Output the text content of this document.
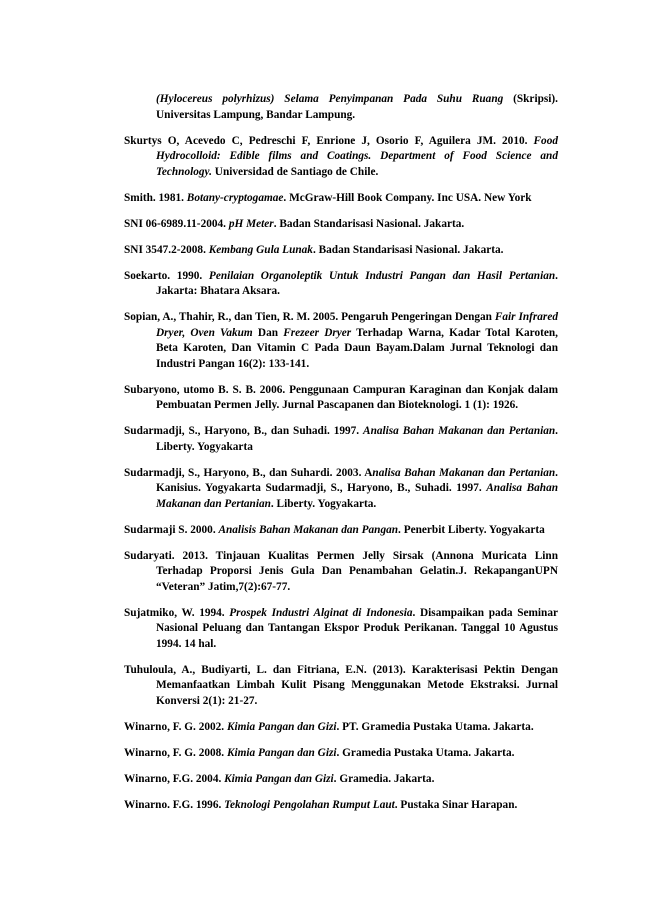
(Hylocereus polyrhizus) Selama Penyimpanan Pada Suhu Ruang (Skripsi). Universitas Lampung, Bandar Lampung.

Skurtys O, Acevedo C, Pedreschi F, Enrione J, Osorio F, Aguilera JM. 2010. Food Hydrocolloid: Edible films and Coatings. Department of Food Science and Technology. Universidad de Santiago de Chile.

Smith. 1981. Botany-cryptogamae. McGraw-Hill Book Company. Inc USA. New York

SNI 06-6989.11-2004. pH Meter. Badan Standarisasi Nasional. Jakarta.

SNI 3547.2-2008. Kembang Gula Lunak. Badan Standarisasi Nasional. Jakarta.

Soekarto. 1990. Penilaian Organoleptik Untuk Industri Pangan dan Hasil Pertanian. Jakarta: Bhatara Aksara.

Sopian, A., Thahir, R., dan Tien, R. M. 2005. Pengaruh Pengeringan Dengan Fair Infrared Dryer, Oven Vakum Dan Frezeer Dryer Terhadap Warna, Kadar Total Karoten, Beta Karoten, Dan Vitamin C Pada Daun Bayam.Dalam Jurnal Teknologi dan Industri Pangan 16(2): 133-141.

Subaryono, utomo B. S. B. 2006. Penggunaan Campuran Karaginan dan Konjak dalam Pembuatan Permen Jelly. Jurnal Pascapanen dan Bioteknologi. 1 (1): 1926.

Sudarmadji, S., Haryono, B., dan Suhadi. 1997. Analisa Bahan Makanan dan Pertanian. Liberty. Yogyakarta

Sudarmadji, S., Haryono, B., dan Suhardi. 2003. Analisa Bahan Makanan dan Pertanian. Kanisius. Yogyakarta Sudarmadji, S., Haryono, B., Suhadi. 1997. Analisa Bahan Makanan dan Pertanian. Liberty. Yogyakarta.

Sudarmaji S. 2000. Analisis Bahan Makanan dan Pangan. Penerbit Liberty. Yogyakarta

Sudaryati. 2013. Tinjauan Kualitas Permen Jelly Sirsak (Annona Muricata Linn Terhadap Proporsi Jenis Gula Dan Penambahan Gelatin.J. RekapanganUPN “Veteran” Jatim,7(2):67-77.

Sujatmiko, W. 1994. Prospek Industri Alginat di Indonesia. Disampaikan pada Seminar Nasional Peluang dan Tantangan Ekspor Produk Perikanan. Tanggal 10 Agustus 1994. 14 hal.

Tuhuloula, A., Budiyarti, L. dan Fitriana, E.N. (2013). Karakterisasi Pektin Dengan Memanfaatkan Limbah Kulit Pisang Menggunakan Metode Ekstraksi. Jurnal Konversi 2(1): 21-27.

Winarno, F. G. 2002. Kimia Pangan dan Gizi. PT. Gramedia Pustaka Utama. Jakarta.

Winarno, F. G. 2008. Kimia Pangan dan Gizi. Gramedia Pustaka Utama. Jakarta.

Winarno, F.G. 2004. Kimia Pangan dan Gizi. Gramedia. Jakarta.

Winarno. F.G. 1996. Teknologi Pengolahan Rumput Laut. Pustaka Sinar Harapan.
